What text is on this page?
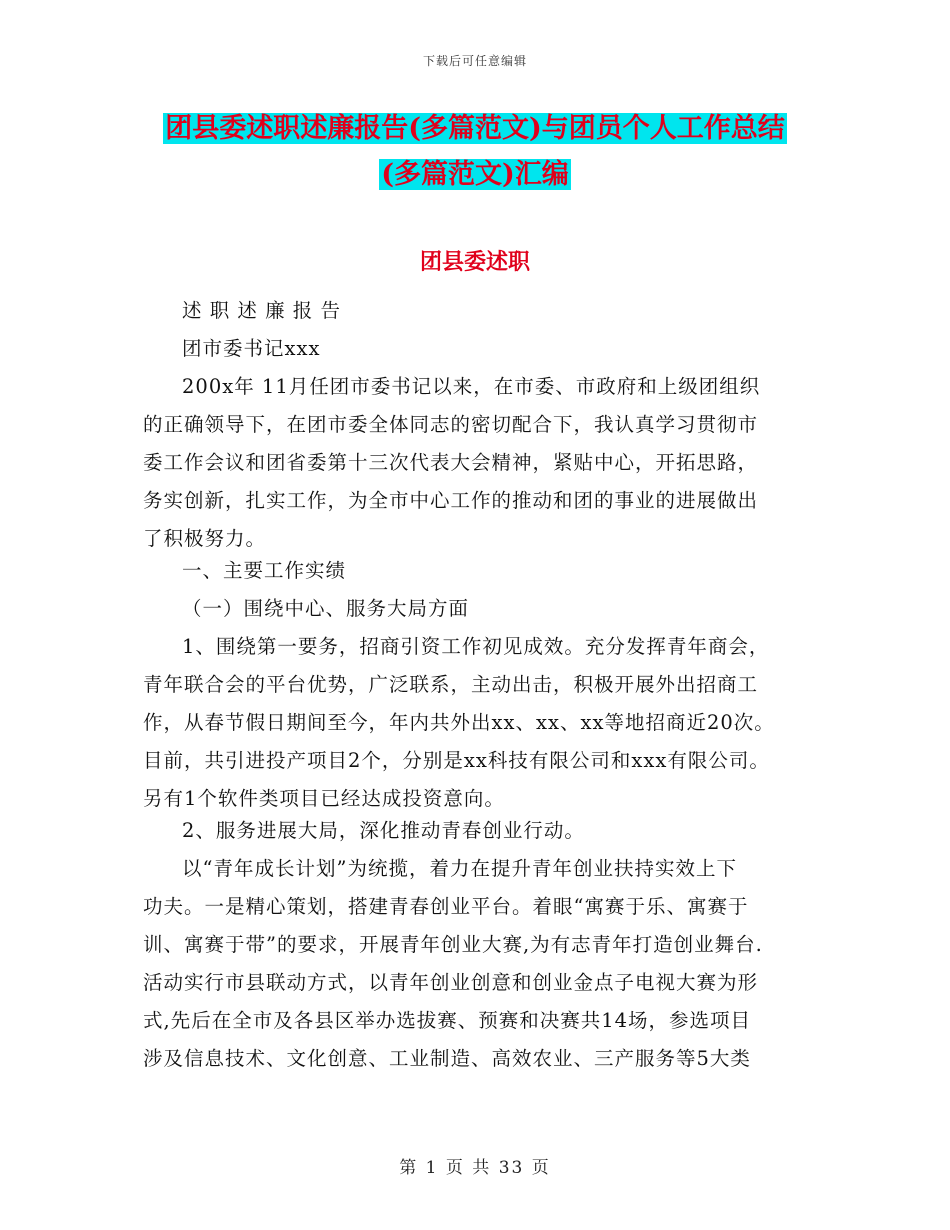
下载后可任意编辑
团县委述职述廉报告(多篇范文)与团员个人工作总结
(多篇范文)汇编
团县委述职
述 职 述 廉 报 告
团市委书记xxx
200x年 11月任团市委书记以来，在市委、市政府和上级团组织
的正确领导下，在团市委全体同志的密切配合下，我认真学习贯彻市
委工作会议和团省委第十三次代表大会精神，紧贴中心，开拓思路，
务实创新，扎实工作，为全市中心工作的推动和团的事业的进展做出
了积极努力。
一、主要工作实绩
（一）围绕中心、服务大局方面
1、围绕第一要务，招商引资工作初见成效。充分发挥青年商会，
青年联合会的平台优势，广泛联系，主动出击，积极开展外出招商工
作，从春节假日期间至今，年内共外出xx、xx、xx等地招商近20次。
目前，共引进投产项目2个，分别是xx科技有限公司和xxx有限公司。
另有1个软件类项目已经达成投资意向。
2、服务进展大局，深化推动青春创业行动。
以“青年成长计划”为统揽，着力在提升青年创业扶持实效上下
功夫。一是精心策划，搭建青春创业平台。着眼“寓赛于乐、寓赛于
训、寓赛于带”的要求，开展青年创业大赛,为有志青年打造创业舞台.
活动实行市县联动方式，以青年创业创意和创业金点子电视大赛为形
式,先后在全市及各县区举办选拔赛、预赛和决赛共14场，参选项目
涉及信息技术、文化创意、工业制造、高效农业、三产服务等5大类
第 1 页 共 33 页
